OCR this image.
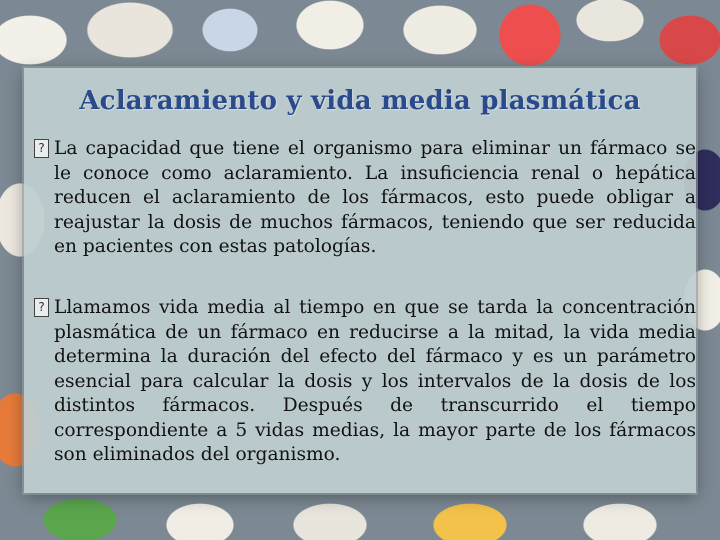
Aclaramiento y vida media plasmática
?
La capacidad que tiene el organismo para eliminar un fármaco se le conoce como aclaramiento. La insuficiencia renal o hepática reducen el aclaramiento de los fármacos, esto puede obligar a reajustar la dosis de muchos fármacos, teniendo que ser reducida en pacientes con estas patologías.
?
Llamamos vida media al tiempo en que se tarda la concentración plasmática de un fármaco en reducirse a la mitad, la vida media determina la duración del efecto del fármaco y es un parámetro esencial para calcular la dosis y los intervalos de la dosis de los distintos fármacos. Después de transcurrido el tiempo correspondiente a 5 vidas medias, la mayor parte de los fármacos son eliminados del organismo.
